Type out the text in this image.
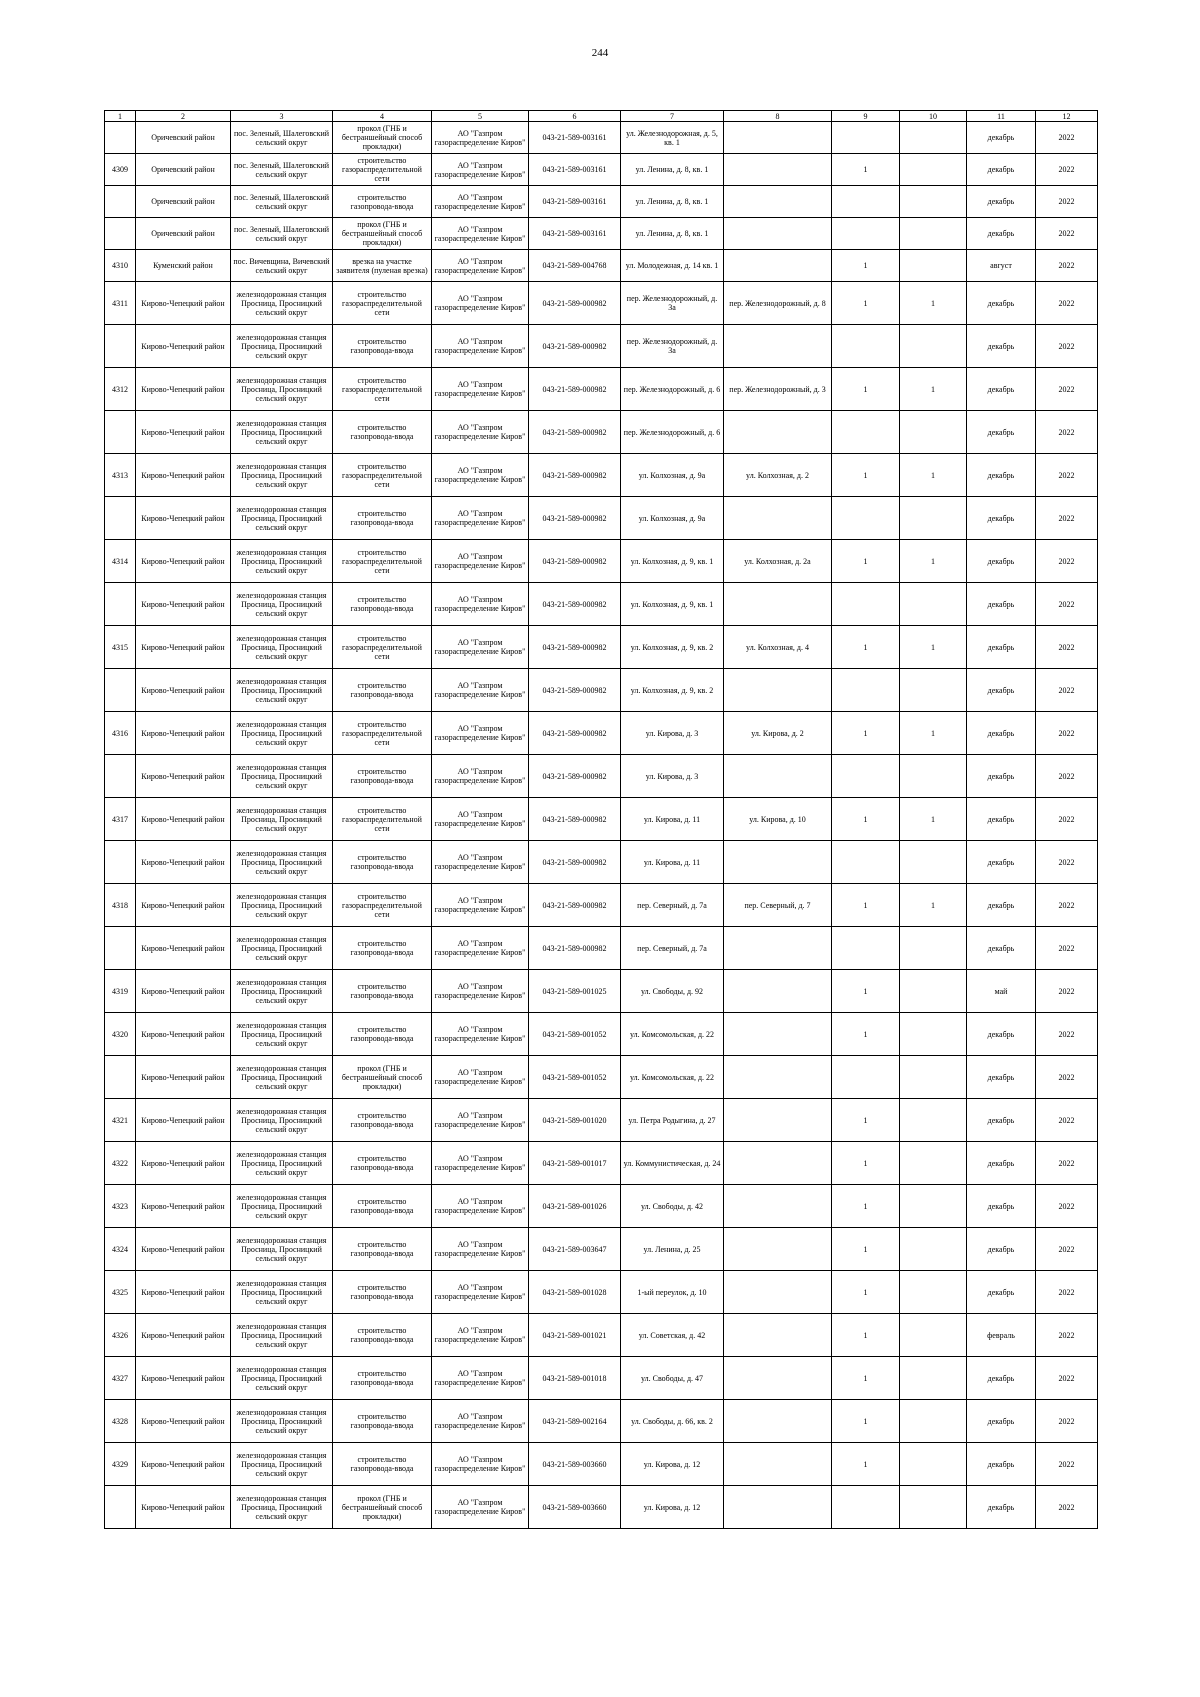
244
1	2	3	4	5	6	7	8	9	10	11	12

	Оричевский район	пос. Зеленый, Шалеговский сельский округ	прокол (ГНБ и бестраншейный способ прокладки)	АО "Газпром газораспределение Киров"	043-21-589-003161	ул. Железнодорожная, д. 5, кв. 1				декабрь	2022

4309	Оричевский район	пос. Зеленый, Шалеговский сельский округ	строительство газораспределительной сети	АО "Газпром газораспределение Киров"	043-21-589-003161	ул. Ленина, д. 8, кв. 1		1		декабрь	2022

	Оричевский район	пос. Зеленый, Шалеговский сельский округ	строительство газопровода-ввода	АО "Газпром газораспределение Киров"	043-21-589-003161	ул. Ленина, д. 8, кв. 1				декабрь	2022

	Оричевский район	пос. Зеленый, Шалеговский сельский округ	прокол (ГНБ и бестраншейный способ прокладки)	АО "Газпром газораспределение Киров"	043-21-589-003161	ул. Ленина, д. 8, кв. 1				декабрь	2022

4310	Куменский район	пос. Вичевщина, Вичевский сельский округ	врезка на участке заявителя (пуленая врезка)	АО "Газпром газораспределение Киров"	043-21-589-004768	ул. Молодежная, д. 14 кв. 1		1		август	2022

4311	Кирово-Чепецкий район	железнодорожная станция Просница, Просницкий сельский округ	строительство газораспределительной сети	АО "Газпром газораспределение Киров"	043-21-589-000982	пер. Железнодорожный, д. 3а	пер. Железнодорожный, д. 8	1	1	декабрь	2022

	Кирово-Чепецкий район	железнодорожная станция Просница, Просницкий сельский округ	строительство газопровода-ввода	АО "Газпром газораспределение Киров"	043-21-589-000982	пер. Железнодорожный, д. 3а				декабрь	2022

4312	Кирово-Чепецкий район	железнодорожная станция Просница, Просницкий сельский округ	строительство газораспределительной сети	АО "Газпром газораспределение Киров"	043-21-589-000982	пер. Железнодорожный, д. 6	пер. Железнодорожный, д. 3	1	1	декабрь	2022

	Кирово-Чепецкий район	железнодорожная станция Просница, Просницкий сельский округ	строительство газопровода-ввода	АО "Газпром газораспределение Киров"	043-21-589-000982	пер. Железнодорожный, д. 6				декабрь	2022

4313	Кирово-Чепецкий район	железнодорожная станция Просница, Просницкий сельский округ	строительство газораспределительной сети	АО "Газпром газораспределение Киров"	043-21-589-000982	ул. Колхозная, д. 9а	ул. Колхозная, д. 2	1	1	декабрь	2022

	Кирово-Чепецкий район	железнодорожная станция Просница, Просницкий сельский округ	строительство газопровода-ввода	АО "Газпром газораспределение Киров"	043-21-589-000982	ул. Колхозная, д. 9а				декабрь	2022

4314	Кирово-Чепецкий район	железнодорожная станция Просница, Просницкий сельский округ	строительство газораспределительной сети	АО "Газпром газораспределение Киров"	043-21-589-000982	ул. Колхозная, д. 9, кв. 1	ул. Колхозная, д. 2а	1	1	декабрь	2022

	Кирово-Чепецкий район	железнодорожная станция Просница, Просницкий сельский округ	строительство газопровода-ввода	АО "Газпром газораспределение Киров"	043-21-589-000982	ул. Колхозная, д. 9, кв. 1				декабрь	2022

4315	Кирово-Чепецкий район	железнодорожная станция Просница, Просницкий сельский округ	строительство газораспределительной сети	АО "Газпром газораспределение Киров"	043-21-589-000982	ул. Колхозная, д. 9, кв. 2	ул. Колхозная, д. 4	1	1	декабрь	2022

	Кирово-Чепецкий район	железнодорожная станция Просница, Просницкий сельский округ	строительство газопровода-ввода	АО "Газпром газораспределение Киров"	043-21-589-000982	ул. Колхозная, д. 9, кв. 2				декабрь	2022

4316	Кирово-Чепецкий район	железнодорожная станция Просница, Просницкий сельский округ	строительство газораспределительной сети	АО "Газпром газораспределение Киров"	043-21-589-000982	ул. Кирова, д. 3	ул. Кирова, д. 2	1	1	декабрь	2022

	Кирово-Чепецкий район	железнодорожная станция Просница, Просницкий сельский округ	строительство газопровода-ввода	АО "Газпром газораспределение Киров"	043-21-589-000982	ул. Кирова, д. 3				декабрь	2022

4317	Кирово-Чепецкий район	железнодорожная станция Просница, Просницкий сельский округ	строительство газораспределительной сети	АО "Газпром газораспределение Киров"	043-21-589-000982	ул. Кирова, д. 11	ул. Кирова, д. 10	1	1	декабрь	2022

	Кирово-Чепецкий район	железнодорожная станция Просница, Просницкий сельский округ	строительство газопровода-ввода	АО "Газпром газораспределение Киров"	043-21-589-000982	ул. Кирова, д. 11				декабрь	2022

4318	Кирово-Чепецкий район	железнодорожная станция Просница, Просницкий сельский округ	строительство газораспределительной сети	АО "Газпром газораспределение Киров"	043-21-589-000982	пер. Северный, д. 7а	пер. Северный, д. 7	1	1	декабрь	2022

	Кирово-Чепецкий район	железнодорожная станция Просница, Просницкий сельский округ	строительство газопровода-ввода	АО "Газпром газораспределение Киров"	043-21-589-000982	пер. Северный, д. 7а				декабрь	2022

4319	Кирово-Чепецкий район	железнодорожная станция Просница, Просницкий сельский округ	строительство газопровода-ввода	АО "Газпром газораспределение Киров"	043-21-589-001025	ул. Свободы, д. 92		1		май	2022

4320	Кирово-Чепецкий район	железнодорожная станция Просница, Просницкий сельский округ	строительство газопровода-ввода	АО "Газпром газораспределение Киров"	043-21-589-001052	ул. Комсомольская, д. 22		1		декабрь	2022

	Кирово-Чепецкий район	железнодорожная станция Просница, Просницкий сельский округ	прокол (ГНБ и бестраншейный способ прокладки)	АО "Газпром газораспределение Киров"	043-21-589-001052	ул. Комсомольская, д. 22				декабрь	2022

4321	Кирово-Чепецкий район	железнодорожная станция Просница, Просницкий сельский округ	строительство газопровода-ввода	АО "Газпром газораспределение Киров"	043-21-589-001020	ул. Петра Родыгина, д. 27		1		декабрь	2022

4322	Кирово-Чепецкий район	железнодорожная станция Просница, Просницкий сельский округ	строительство газопровода-ввода	АО "Газпром газораспределение Киров"	043-21-589-001017	ул. Коммунистическая, д. 24		1		декабрь	2022

4323	Кирово-Чепецкий район	железнодорожная станция Просница, Просницкий сельский округ	строительство газопровода-ввода	АО "Газпром газораспределение Киров"	043-21-589-001026	ул. Свободы, д. 42		1		декабрь	2022

4324	Кирово-Чепецкий район	железнодорожная станция Просница, Просницкий сельский округ	строительство газопровода-ввода	АО "Газпром газораспределение Киров"	043-21-589-003647	ул. Ленина, д. 25		1		декабрь	2022

4325	Кирово-Чепецкий район	железнодорожная станция Просница, Просницкий сельский округ	строительство газопровода-ввода	АО "Газпром газораспределение Киров"	043-21-589-001028	1-ый переулок, д. 10		1		декабрь	2022

4326	Кирово-Чепецкий район	железнодорожная станция Просница, Просницкий сельский округ	строительство газопровода-ввода	АО "Газпром газораспределение Киров"	043-21-589-001021	ул. Советская, д. 42		1		февраль	2022

4327	Кирово-Чепецкий район	железнодорожная станция Просница, Просницкий сельский округ	строительство газопровода-ввода	АО "Газпром газораспределение Киров"	043-21-589-001018	ул. Свободы, д. 47		1		декабрь	2022

4328	Кирово-Чепецкий район	железнодорожная станция Просница, Просницкий сельский округ	строительство газопровода-ввода	АО "Газпром газораспределение Киров"	043-21-589-002164	ул. Свободы, д. 66, кв. 2		1		декабрь	2022

4329	Кирово-Чепецкий район	железнодорожная станция Просница, Просницкий сельский округ	строительство газопровода-ввода	АО "Газпром газораспределение Киров"	043-21-589-003660	ул. Кирова, д. 12		1		декабрь	2022

	Кирово-Чепецкий район	железнодорожная станция Просница, Просницкий сельский округ	прокол (ГНБ и бестраншейный способ прокладки)	АО "Газпром газораспределение Киров"	043-21-589-003660	ул. Кирова, д. 12				декабрь	2022
